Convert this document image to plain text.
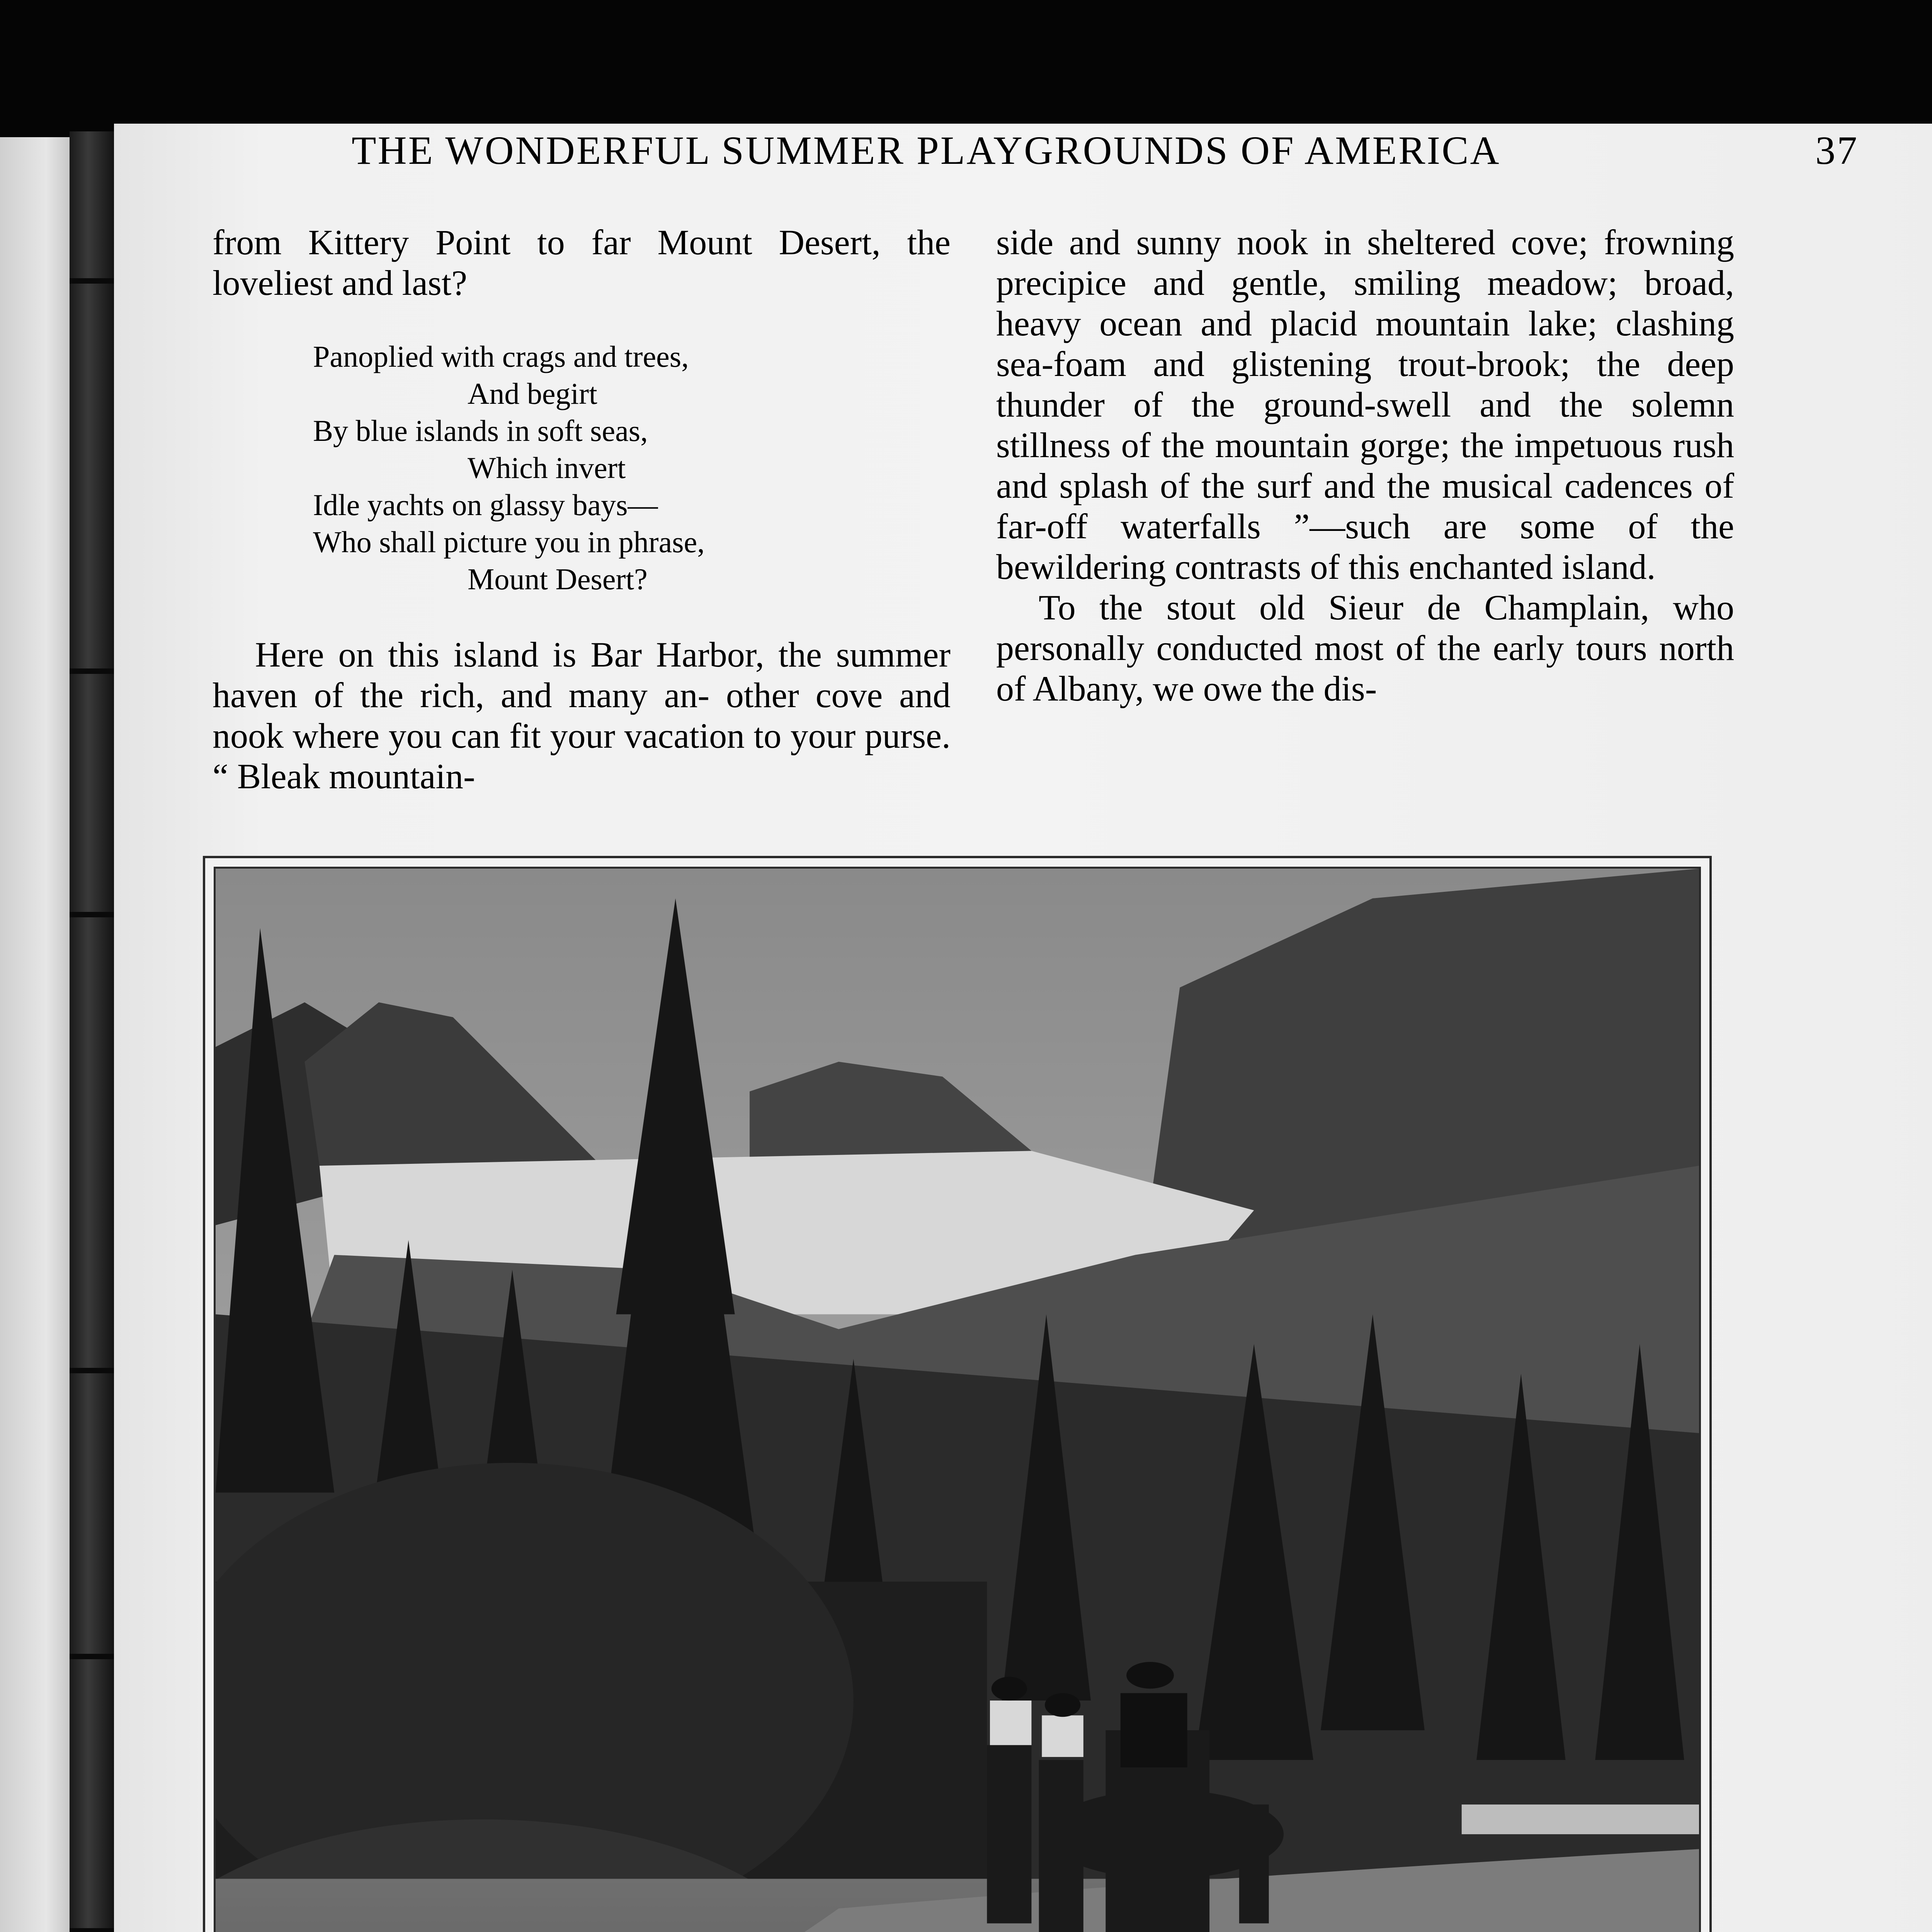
THE WONDERFUL SUMMER PLAYGROUNDS OF AMERICA	37

from Kittery Point to far Mount Desert, the loveliest and last?

Panoplied with crags and trees,
And begirt
By blue islands in soft seas,
Which invert
Idle yachts on glassy bays—
Who shall picture you in phrase,
Mount Desert?

Here on this island is Bar Harbor, the summer haven of the rich, and many an- other cove and nook where you can fit your vacation to your purse. “ Bleak mountain-

side and sunny nook in sheltered cove; frowning precipice and gentle, smiling meadow; broad, heavy ocean and placid mountain lake; clashing sea-foam and glistening trout-brook; the deep thunder of the ground-swell and the solemn stillness of the mountain gorge; the impetuous rush and splash of the surf and the musical cadences of far-off waterfalls ”—such are some of the bewildering contrasts of this enchanted island.

To the stout old Sieur de Champlain, who personally conducted most of the early tours north of Albany, we owe the dis-
